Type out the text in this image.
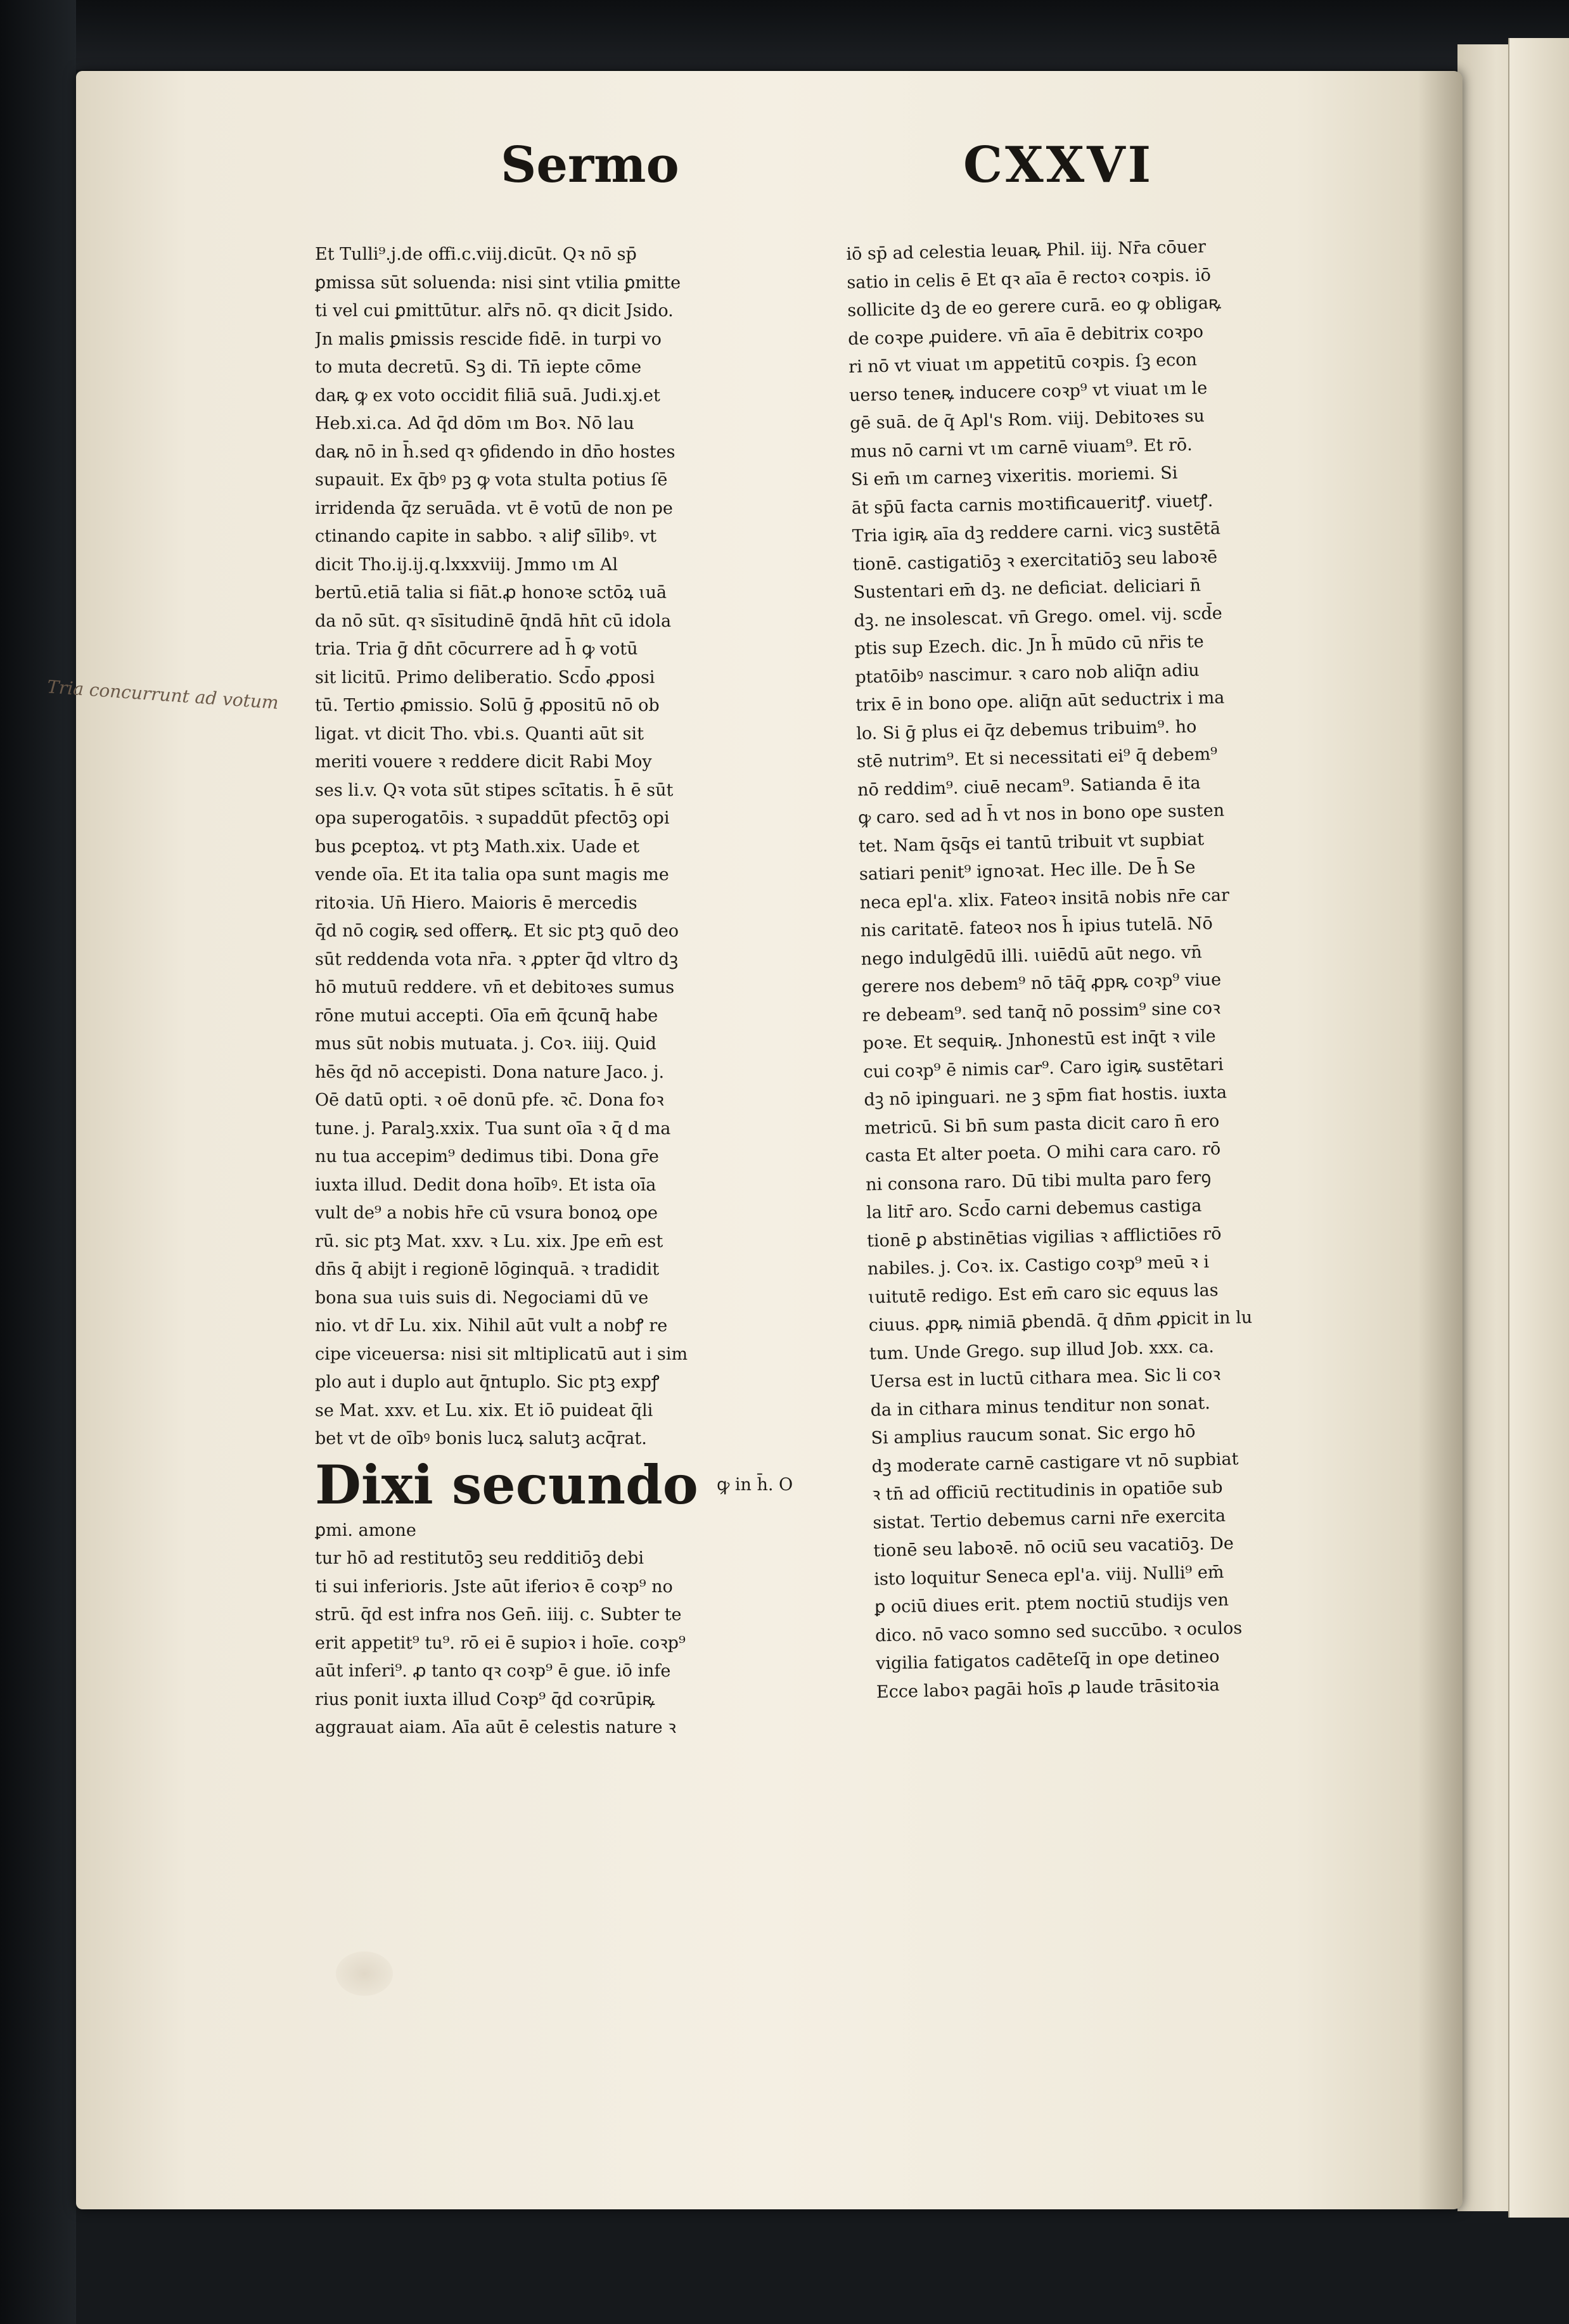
Sermo	CXXVI
Tria concurrunt ad votum
Et Tulli⁹.j.de offi.c.viij.dicūt. Qꝛ nō sp̄
ꝑmissa sūt soluenda: nisi sint vtilia ꝑmitte
ti vel cui ꝑmittūtur. alr̄s nō. qꝛ dicit Jsido.
Jn malis ꝑmissis rescide fidē. in turpi vo
to muta decretū. Sꝫ di. Tn̄ iepte cōme
daꝶ ꝙ ex voto occidit filiā suā. Judi.xj.et
Heb.xi.ca. Ad q̄d dōm ɩm Boꝛ. Nō lau
daꝶ nō in h̄.sed qꝛ ꝯfidendo in dn̄o hostes
supauit. Ex q̄bꝰ pꝫ ꝙ vota stulta potius ſē
irridenda q̄z seruāda. vt ē votū de non pe
ctinando capite in sabbo. ꝛ aliꝭ sīlibꝰ. vt
dicit Tho.ij.ij.q.lxxxviij. Jmmo ɩm Al
bertū.etiā talia si fiāt.ꝓ honoꝛe sctōꝝ ɩuā
da nō sūt. qꝛ sīsitudinē q̄ndā hn̄t cū idola
tria. Tria ḡ dn̄t cōcurrere ad h̄ ꝙ votū
sit licitū. Primo deliberatio. Scd̄o ꝓposi
tū. Tertio ꝓmissio. Solū ḡ ꝓpositū nō ob
ligat. vt dicit Tho. vbi.s. Quanti aūt sit
meriti vouere ꝛ reddere dicit Rabi Moy
ses li.v. Qꝛ vota sūt stipes scītatis. h̄ ē sūt
opa superogatōis. ꝛ supaddūt pfectōꝫ opi
bus ꝑceptoꝝ. vt ptꝫ Math.xix. Uade et
vende oīa. Et ita talia opa sunt magis me
ritoꝛia. Un̄ Hiero. Maioris ē mercedis
q̄d nō cogiꝶ sed offerꝶ. Et sic ptꝫ quō deo
sūt reddenda vota nr̄a. ꝛ ꝓpter q̄d vltro dꝫ
hō mutuū reddere. vn̄ et debitoꝛes sumus
rōne mutui accepti. Oīa em̄ q̄cunq̄ habe
mus sūt nobis mutuata. j. Coꝛ. iiij. Quid
hēs q̄d nō accepisti. Dona nature Jaco. j.
Oē datū opti. ꝛ oē donū pfe. ꝛc̄. Dona foꝛ
tune. j. Paralꝫ.xxix. Tua sunt oīa ꝛ q̄ d ma
nu tua accepim⁹ dedimus tibi. Dona gr̄e
iuxta illud. Dedit dona hoībꝰ. Et ista oīa
vult de⁹ a nobis hr̄e cū vsura bonoꝝ ope
rū. sic ptꝫ Mat. xxv. ꝛ Lu. xix. Jpe em̄ est
dn̄s q̄ abijt i regionē lōginquā. ꝛ tradidit
bona sua ɩuis suis di. Negociami dū ve
nio. vt dr̄ Lu. xix. Nihil aūt vult a nobꝭ re
cipe viceuersa: nisi sit mltiplicatū aut i sim
plo aut i duplo aut q̄ntuplo. Sic ptꝫ expꝭ
se Mat. xxv. et Lu. xix. Et iō puideat q̄li
bet vt de oībꝰ bonis lucꝝ salutꝫ acq̄rat.
Dixi secundo $^{ꝙ in h̄. O}$
ꝑmi. amone
tur hō ad restitutōꝫ seu redditiōꝫ debi
ti sui inferioris. Jste aūt iferioꝛ ē coꝛp⁹ no
strū. q̄d est infra nos Gen̄. iiij. c. Subter te
erit appetit⁹ tu⁹. rō ei ē supioꝛ i hoīe. coꝛp⁹
aūt inferi⁹. ꝓ tanto qꝛ coꝛp⁹ ē gue. iō infe
rius ponit iuxta illud Coꝛp⁹ q̄d coꝛrūpiꝶ
aggrauat aiam. Aīa aūt ē celestis nature ꝛ
iō sp̄ ad celestia leuaꝶ Phil. iij. Nr̄a cōuer
satio in celis ē Et qꝛ aīa ē rectoꝛ coꝛpis. iō
sollicite dꝫ de eo gerere curā. eo ꝙ obligaꝶ
de coꝛpe ꝓuidere. vn̄ aīa ē debitrix coꝛpo
ri nō vt viuat ɩm appetitū coꝛpis. ſꝫ econ
uerso teneꝶ inducere coꝛp⁹ vt viuat ɩm le
gē suā. de q̄ Apl's Rom. viij. Debitoꝛes su
mus nō carni vt ɩm carnē viuam⁹. Et rō.
Si em̄ ɩm carneꝫ vixeritis. moriemi. Si
āt sp̄ū facta carnis moꝛtificaueritꝭ. viuetꝭ.
Tria igiꝶ aīa dꝫ reddere carni. vicꝫ sustētā
tionē. castigatiōꝫ ꝛ exercitatiōꝫ seu laboꝛē
Sustentari em̄ dꝫ. ne deficiat. deliciari n̄
dꝫ. ne insolescat. vn̄ Grego. omel. vij. scd̄e
ptis sup Ezech. dic. Jn h̄ mūdo cū nr̄is te
ptatōibꝰ nascimur. ꝛ caro nob aliq̄n adiu
trix ē in bono ope. aliq̄n aūt seductrix i ma
lo. Si ḡ plus ei q̄z debemus tribuim⁹. ho
stē nutrim⁹. Et si necessitati ei⁹ q̄ debem⁹
nō reddim⁹. ciuē necam⁹. Satianda ē ita
ꝙ caro. sed ad h̄ vt nos in bono ope susten
tet. Nam q̄sq̄s ei tantū tribuit vt supbiat
satiari penit⁹ ignoꝛat. Hec ille. De h̄ Se
neca epl'a. xlix. Fateoꝛ insitā nobis nr̄e car
nis caritatē. fateoꝛ nos h̄ ipius tutelā. Nō
nego indulgēdū illi. ɩuiēdū aūt nego. vn̄
gerere nos debem⁹ nō tāq̄ ꝓpꝶ coꝛp⁹ viue
re debeam⁹. sed tanq̄ nō possim⁹ sine coꝛ
poꝛe. Et sequiꝶ. Jnhonestū est inq̄t ꝛ vile
cui coꝛp⁹ ē nimis car⁹. Caro igiꝶ sustētari
dꝫ nō ipinguari. ne ꝫ sp̄m fiat hostis. iuxta
metricū. Si bn̄ sum pasta dicit caro n̄ ero
casta Et alter poeta. O mihi cara caro. rō
ni consona raro. Dū tibi multa paro ferꝯ
la litr̄ aro. Scd̄o carni debemus castiga
tionē ꝑ abstinētias vigilias ꝛ afflictiōes rō
nabiles. j. Coꝛ. ix. Castigo coꝛp⁹ meū ꝛ i
ɩuitutē redigo. Est em̄ caro sic equus las
ciuus. ꝓpꝶ nimiā ꝑbendā. q̄ dn̄m ꝓpicit in lu
tum. Unde Grego. sup illud Job. xxx. ca.
Uersa est in luctū cithara mea. Sic li coꝛ
da in cithara minus tenditur non sonat.
Si amplius raucum sonat. Sic ergo hō
dꝫ moderate carnē castigare vt nō supbiat
ꝛ tn̄ ad officiū rectitudinis in opatiōe sub
sistat. Tertio debemus carni nr̄e exercita
tionē seu laboꝛē. nō ociū seu vacatiōꝫ. De
isto loquitur Seneca epl'a. viij. Nulli⁹ em̄
ꝑ ociū diues erit. ptem noctiū studijs ven
dico. nō vaco somno sed succūbo. ꝛ oculos
vigilia fatigatos cadēteſq̄ in ope detineo
Ecce laboꝛ pagāi hoīs ꝓ laude trāsitoꝛia
